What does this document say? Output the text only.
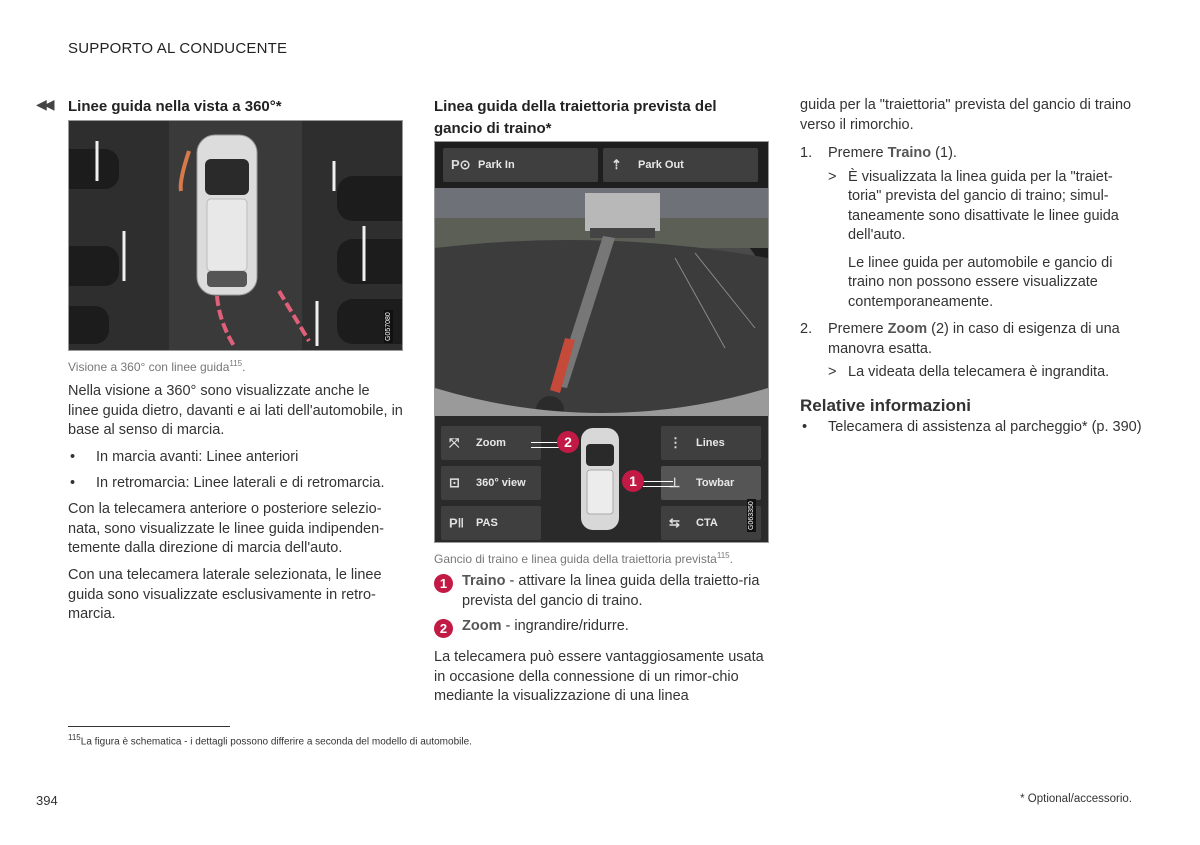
SUPPORTO AL CONDUCENTE
◀◀ Linee guida nella vista a 360°*
G057080
Visione a 360° con linee guida$^{115}$.
Nella visione a 360° sono visualizzate anche le linee guida dietro, davanti e ai lati dell'automobile, in base al senso di marcia.
• In marcia avanti: Linee anteriori
• In retromarcia: Linee laterali e di retromarcia.
Con la telecamera anteriore o posteriore selezio-nata, sono visualizzate le linee guida indipenden-temente dalla direzione di marcia dell'auto.
Con una telecamera laterale selezionata, le linee guida sono visualizzate esclusivamente in retro-marcia.
Linea guida della traiettoria prevista del gancio di traino*
P⊙ Park In	⇡ Park Out
⤧ Zoom
⊡ 360° view
P‖ PAS
⋮ Lines
⊥ Towbar
⇆ CTA
2
1
G063350
Gancio di traino e linea guida della traiettoria prevista$^{115}$.
1	Traino - attivare la linea guida della traietto-ria prevista del gancio di traino.
2	Zoom - ingrandire/ridurre.
La telecamera può essere vantaggiosamente usata in occasione della connessione di un rimor-chio mediante la visualizzazione di una linea
guida per la "traiettoria" prevista del gancio di traino verso il rimorchio.
1. Premere Traino (1).
> È visualizzata la linea guida per la "traiet-toria" prevista del gancio di traino; simul-taneamente sono disattivate le linee guida dell'auto.
Le linee guida per automobile e gancio di traino non possono essere visualizzate contemporaneamente.
2. Premere Zoom (2) in caso di esigenza di una manovra esatta.
> La videata della telecamera è ingrandita.
Relative informazioni
• Telecamera di assistenza al parcheggio* (p. 390)
$^{115}$La figura è schematica - i dettagli possono differire a seconda del modello di automobile.
394	* Optional/accessorio.
